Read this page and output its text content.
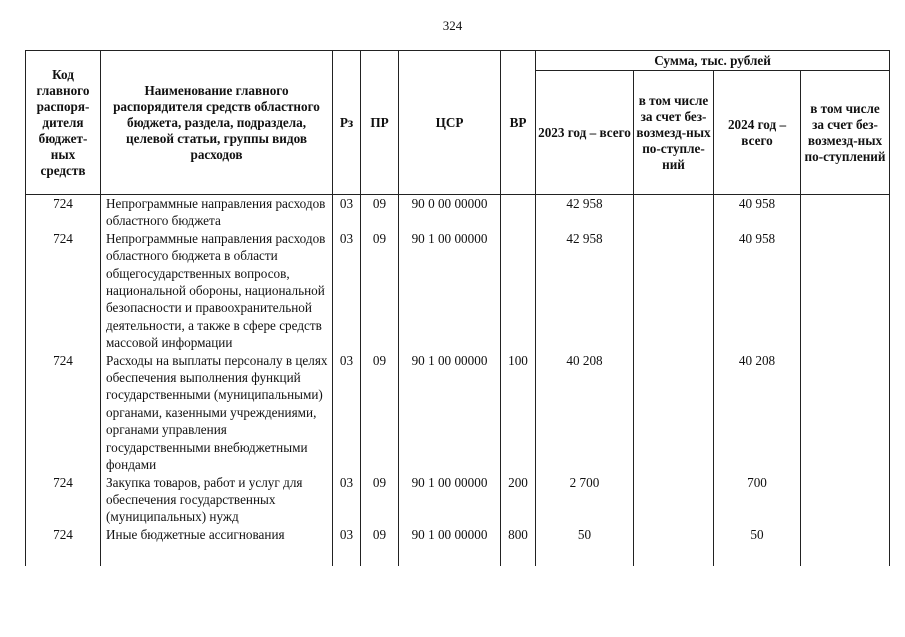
324
Код главного распоря-дителя бюджет-ных средств	Наименование главного распорядителя средств областного бюджета, раздела, подраздела, целевой статьи, группы видов расходов	Рз	ПР	ЦСР	ВР	Сумма, тыс. рублей			
						2023 год – всего	в том числе за счет без-возмезд-ных по-ступле-ний	2024 год – всего	в том числе за счет без-возмезд-ных по-ступлений
724	Непрограммные направления расходов областного бюджета	03	09	90 0 00 00000		42 958		40 958	
724	Непрограммные направления расходов областного бюджета в области общегосударственных вопросов, национальной обороны, национальной безопасности и правоохранительной деятельности, а также в сфере средств массовой информации	03	09	90 1 00 00000		42 958		40 958	
724	Расходы на выплаты персоналу в целях обеспечения выполнения функций государственными (муниципальными) органами, казенными учреждениями, органами управления государственными внебюджетными фондами	03	09	90 1 00 00000	100	40 208		40 208	
724	Закупка товаров, работ и услуг для обеспечения государственных (муниципальных) нужд	03	09	90 1 00 00000	200	2 700		700	
724	Иные бюджетные ассигнования	03	09	90 1 00 00000	800	50		50	
